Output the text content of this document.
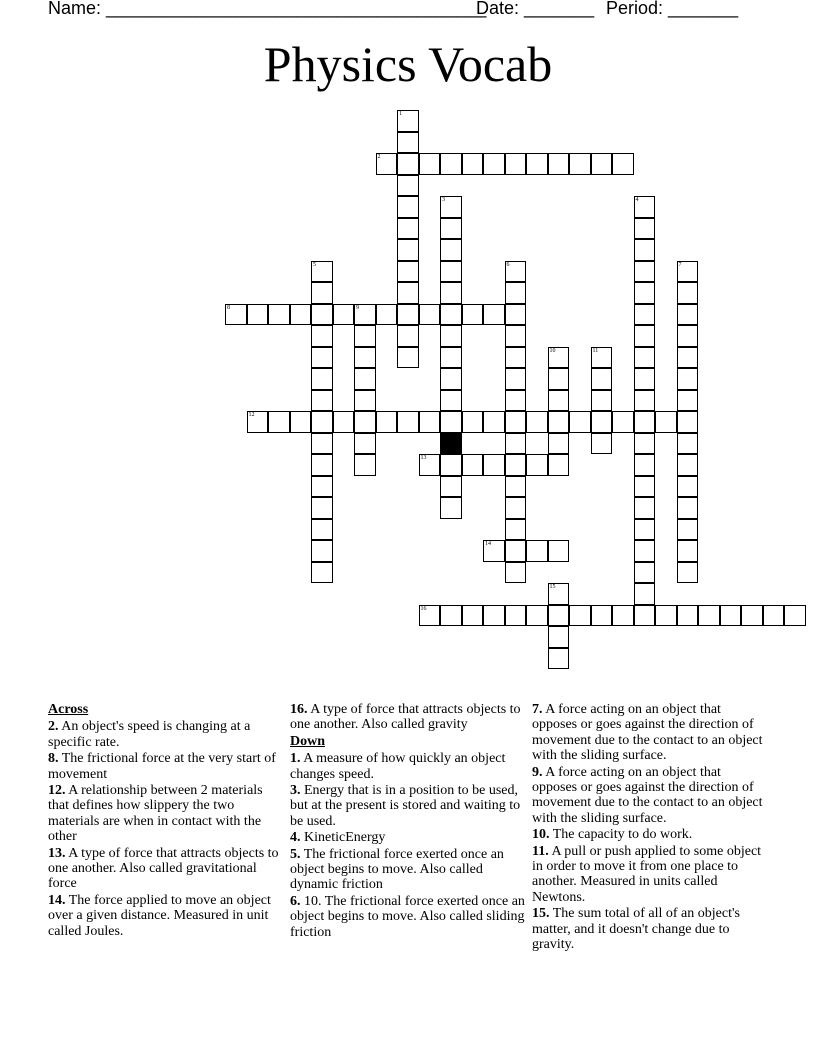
Name: ______________________________________
Date: _______ Period: _______
Physics Vocab
1
2
3	4
5	6	7
8	9
10	11
12
13
14
15
16
Across
2. An object's speed is changing at a specific rate.
8. The frictional force at the very start of movement
12. A relationship between 2 materials that defines how slippery the two materials are when in contact with the other
13. A type of force that attracts objects to one another. Also called gravitational force
14. The force applied to move an object over a given distance. Measured in unit called Joules.
16. A type of force that attracts objects to one another. Also called gravity
Down
1. A measure of how quickly an object changes speed.
3. Energy that is in a position to be used, but at the present is stored and waiting to be used.
4. KineticEnergy
5. The frictional force exerted once an object begins to move. Also called dynamic friction
6. 10. The frictional force exerted once an object begins to move. Also called sliding friction
7. A force acting on an object that opposes or goes against the direction of movement due to the contact to an object with the sliding surface.
9. A force acting on an object that opposes or goes against the direction of movement due to the contact to an object with the sliding surface.
10. The capacity to do work.
11. A pull or push applied to some object in order to move it from one place to another. Measured in units called Newtons.
15. The sum total of all of an object's matter, and it doesn't change due to gravity.
